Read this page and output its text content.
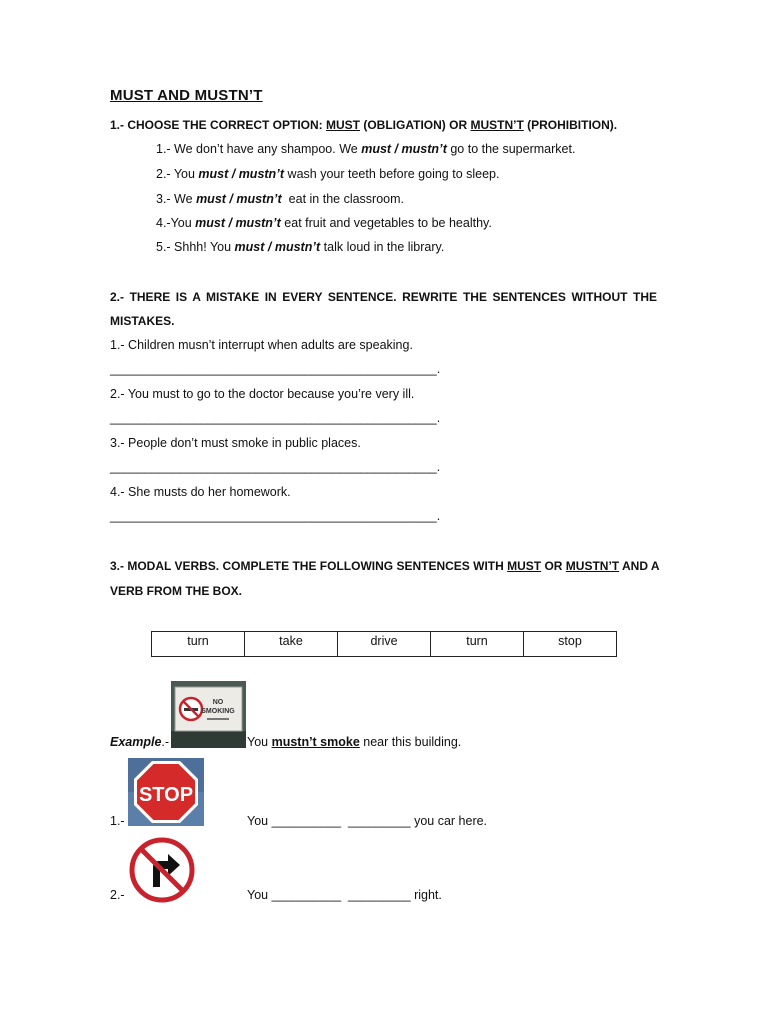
MUST AND MUSTN’T
1.- CHOOSE THE CORRECT OPTION: MUST (OBLIGATION) OR MUSTN’T (PROHIBITION).
1.- We don’t have any shampoo. We must / mustn’t go to the supermarket.
2.- You must / mustn’t wash your teeth before going to sleep.
3.- We must / mustn’t  eat in the classroom.
4.-You must / mustn’t eat fruit and vegetables to be healthy.
5.- Shhh! You must / mustn’t talk loud in the library.
2.- THERE IS A MISTAKE IN EVERY SENTENCE. REWRITE THE SENTENCES WITHOUT THE
MISTAKES.
1.- Children musn’t interrupt when adults are speaking.
_______________________________________________.
2.- You must to go to the doctor because you’re very ill.
_______________________________________________.
3.- People don’t must smoke in public places.
_______________________________________________.
4.- She musts do her homework.
_______________________________________________.
3.- MODAL VERBS. COMPLETE THE FOLLOWING SENTENCES WITH MUST OR MUSTN’T AND A
VERB FROM THE BOX.
turn	take	drive	turn	stop
Example.-
NO
SMOKING
You mustn’t smoke near this building.
STOP
1.-	You __________  _________ you car here.
2.-	You __________  _________ right.
